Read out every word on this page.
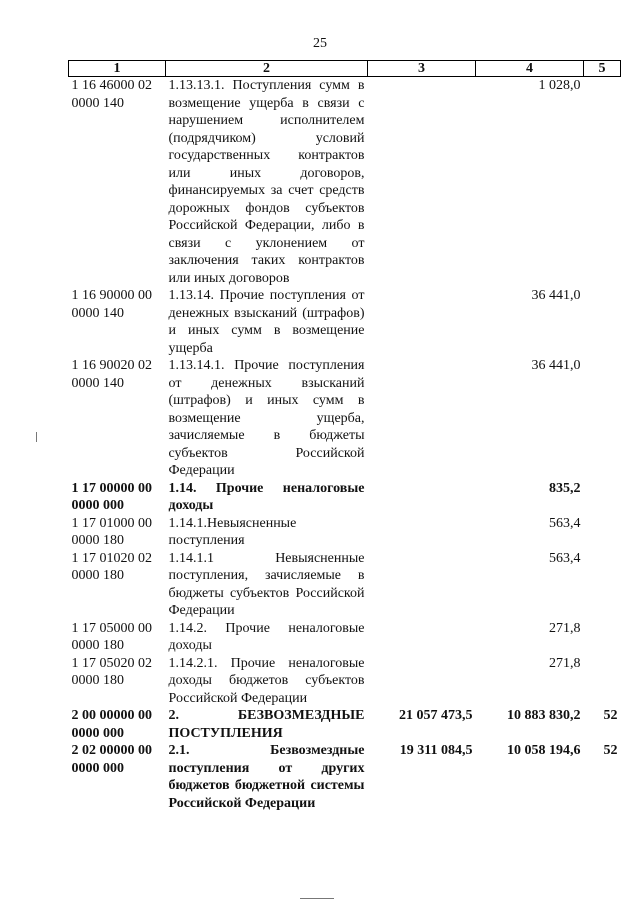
25
1	2	3	4	5
1 16 46000 02 0000 140	1.13.13.1. Поступления сумм в возмещение ущерба в связи с нарушением исполнителем (подрядчиком) условий государственных контрактов или иных договоров, финансируемых за счет средств дорожных фондов субъектов Российской Федерации, либо в связи с уклонением от заключения таких контрактов или иных договоров		1 028,0	
1 16 90000 00 0000 140	1.13.14. Прочие поступления от денежных взысканий (штрафов) и иных сумм в возмещение ущерба		36 441,0	
1 16 90020 02 0000 140	1.13.14.1. Прочие поступления от денежных взысканий (штрафов) и иных сумм в возмещение ущерба, зачисляемые в бюджеты субъектов Российской Федерации		36 441,0	
1 17 00000 00 0000 000	1.14. Прочие неналоговые доходы		835,2	
1 17 01000 00 0000 180	1.14.1.Невыясненные поступления		563,4	
1 17 01020 02 0000 180	1.14.1.1 Невыясненные поступления, зачисляемые в бюджеты субъектов Российской Федерации		563,4	
1 17 05000 00 0000 180	1.14.2. Прочие неналоговые доходы		271,8	
1 17 05020 02 0000 180	1.14.2.1. Прочие неналоговые доходы бюджетов субъектов Российской Федерации		271,8	
2 00 00000 00 0000 000	2. БЕЗВОЗМЕЗДНЫЕ ПОСТУПЛЕНИЯ	21 057 473,5	10 883 830,2	52
2 02 00000 00 0000 000	2.1. Безвозмездные поступления от других бюджетов бюджетной системы Российской Федерации	19 311 084,5	10 058 194,6	52
